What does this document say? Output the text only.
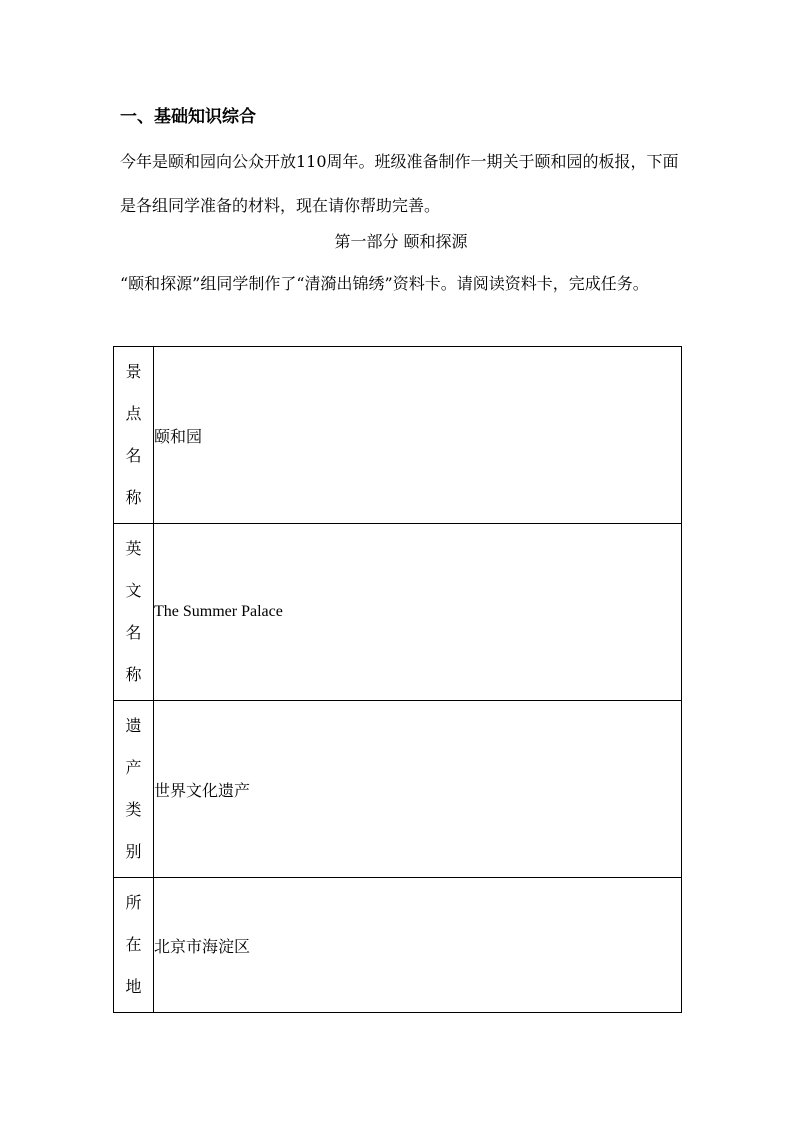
一、基础知识综合

今年是颐和园向公众开放110周年。班级准备制作一期关于颐和园的板报，下面是各组同学准备的材料，现在请你帮助完善。

第一部分 颐和探源

“颐和探源”组同学制作了“清漪出锦绣”资料卡。请阅读资料卡，完成任务。

景
点
名
称	颐和园

英
文
名
称	The Summer Palace

遗
产
类
别	世界文化遗产

所
在
地	北京市海淀区
